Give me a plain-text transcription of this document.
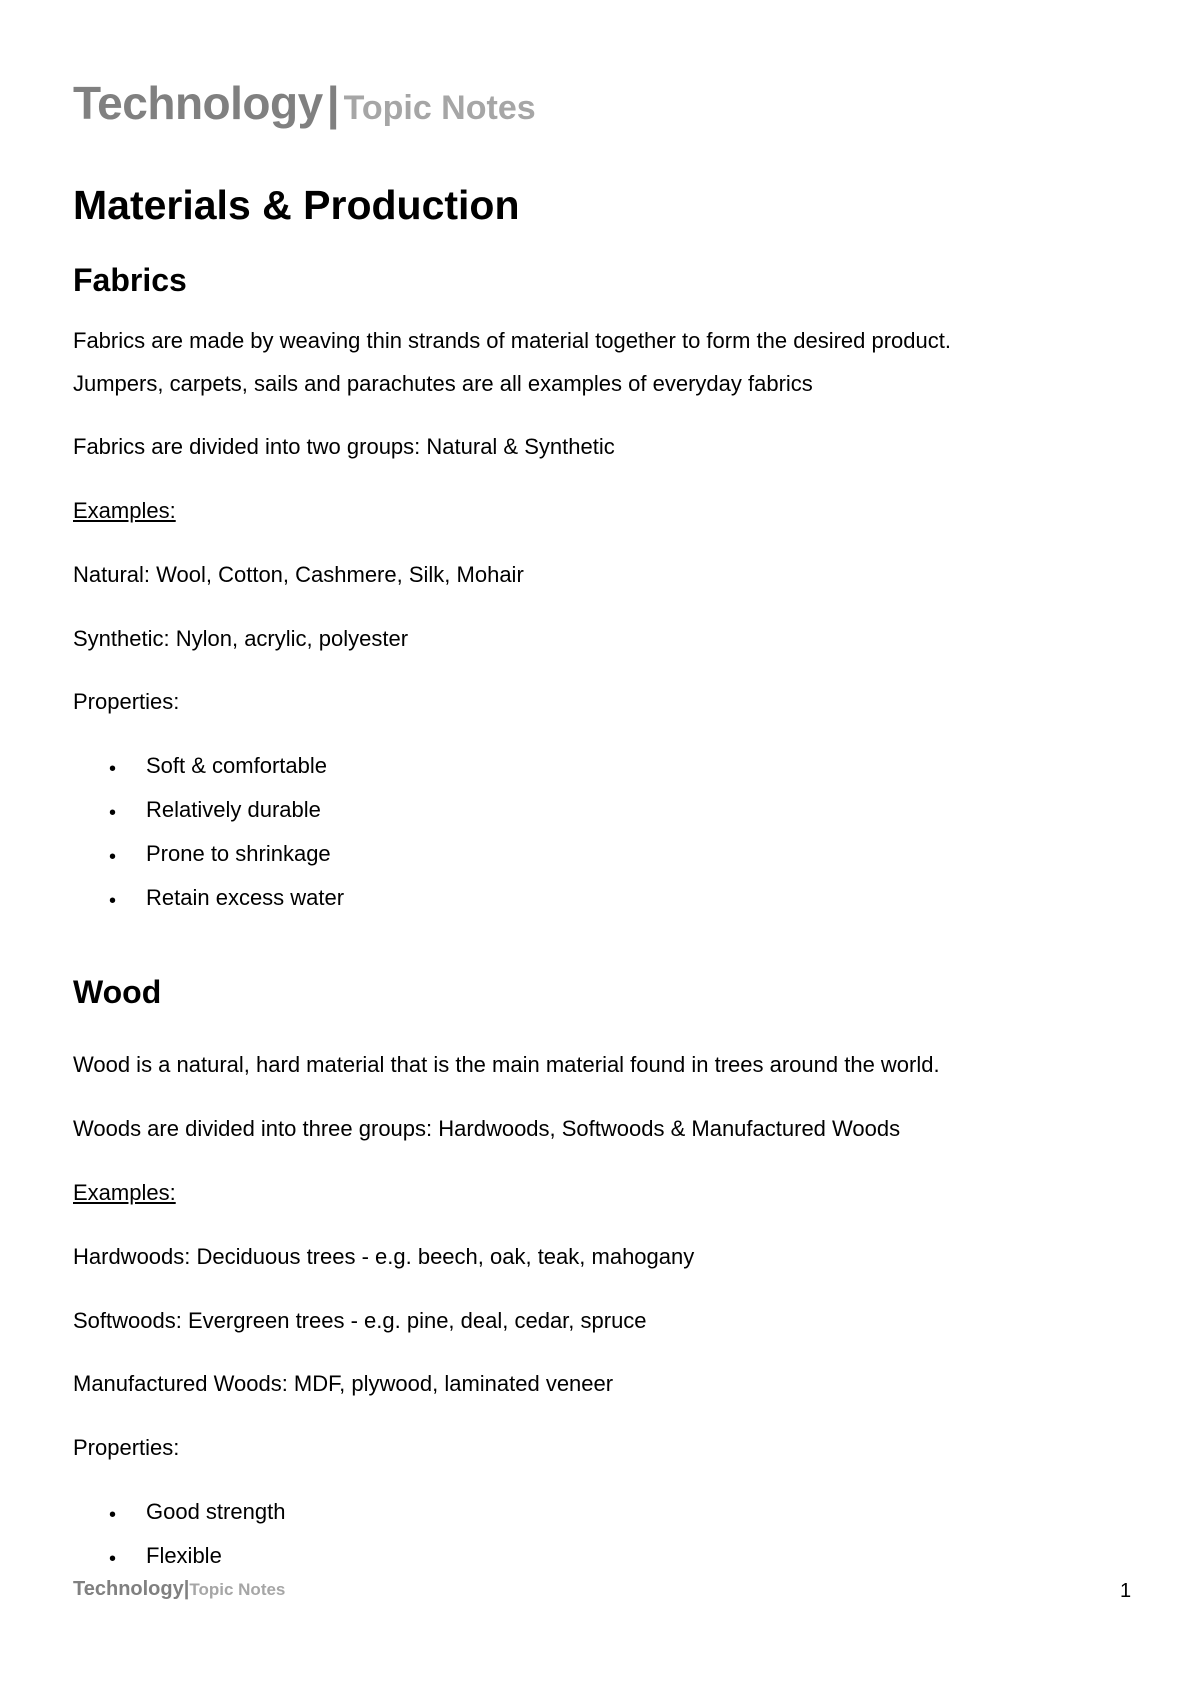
Technology| Topic Notes
Materials & Production
Fabrics

Fabrics are made by weaving thin strands of material together to form the desired product.

Jumpers, carpets, sails and parachutes are all examples of everyday fabrics

Fabrics are divided into two groups: Natural & Synthetic

Examples:

Natural: Wool, Cotton, Cashmere, Silk, Mohair

Synthetic: Nylon, acrylic, polyester

Properties:

• Soft & comfortable
• Relatively durable
• Prone to shrinkage
• Retain excess water
Wood

Wood is a natural, hard material that is the main material found in trees around the world.

Woods are divided into three groups: Hardwoods, Softwoods & Manufactured Woods

Examples:

Hardwoods: Deciduous trees - e.g. beech, oak, teak, mahogany

Softwoods: Evergreen trees - e.g. pine, deal, cedar, spruce

Manufactured Woods: MDF, plywood, laminated veneer

Properties:

• Good strength
• Flexible
Technology|Topic Notes	1
